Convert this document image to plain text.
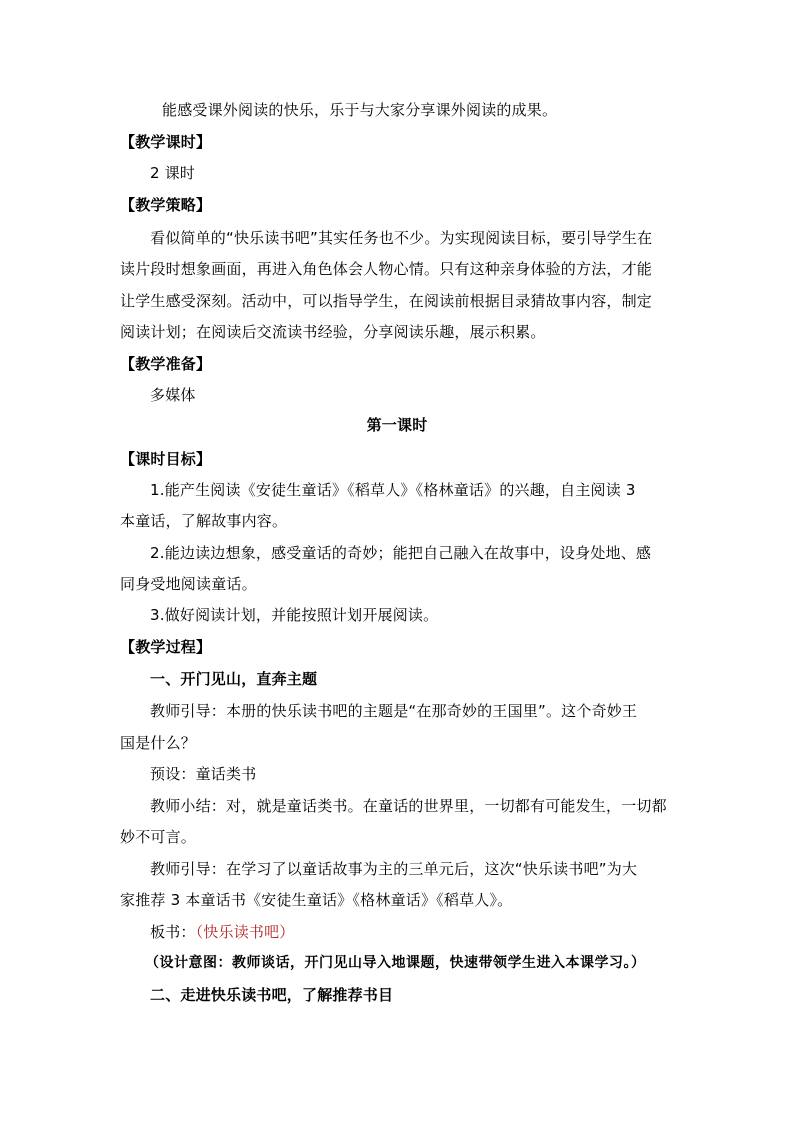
能感受课外阅读的快乐，乐于与大家分享课外阅读的成果。
【教学课时】
2 课时
【教学策略】
看似简单的“快乐读书吧”其实任务也不少。为实现阅读目标，要引导学生在
读片段时想象画面，再进入角色体会人物心情。只有这种亲身体验的方法，才能
让学生感受深刻。活动中，可以指导学生，在阅读前根据目录猜故事内容，制定
阅读计划；在阅读后交流读书经验，分享阅读乐趣，展示积累。
【教学准备】
多媒体
第一课时
【课时目标】
1.能产生阅读《安徒生童话》《稻草人》《格林童话》的兴趣，自主阅读 3
本童话，了解故事内容。
2.能边读边想象，感受童话的奇妙；能把自己融入在故事中，设身处地、感
同身受地阅读童话。
3.做好阅读计划，并能按照计划开展阅读。
【教学过程】
一、开门见山，直奔主题
教师引导：本册的快乐读书吧的主题是“在那奇妙的王国里”。这个奇妙王
国是什么？
预设：童话类书
教师小结：对，就是童话类书。在童话的世界里，一切都有可能发生，一切都
妙不可言。
教师引导：在学习了以童话故事为主的三单元后，这次“快乐读书吧”为大
家推荐 3 本童话书《安徒生童话》《格林童话》《稻草人》。
板书：（快乐读书吧）
（设计意图：教师谈话，开门见山导入地课题，快速带领学生进入本课学习。）
二、走进快乐读书吧，了解推荐书目
